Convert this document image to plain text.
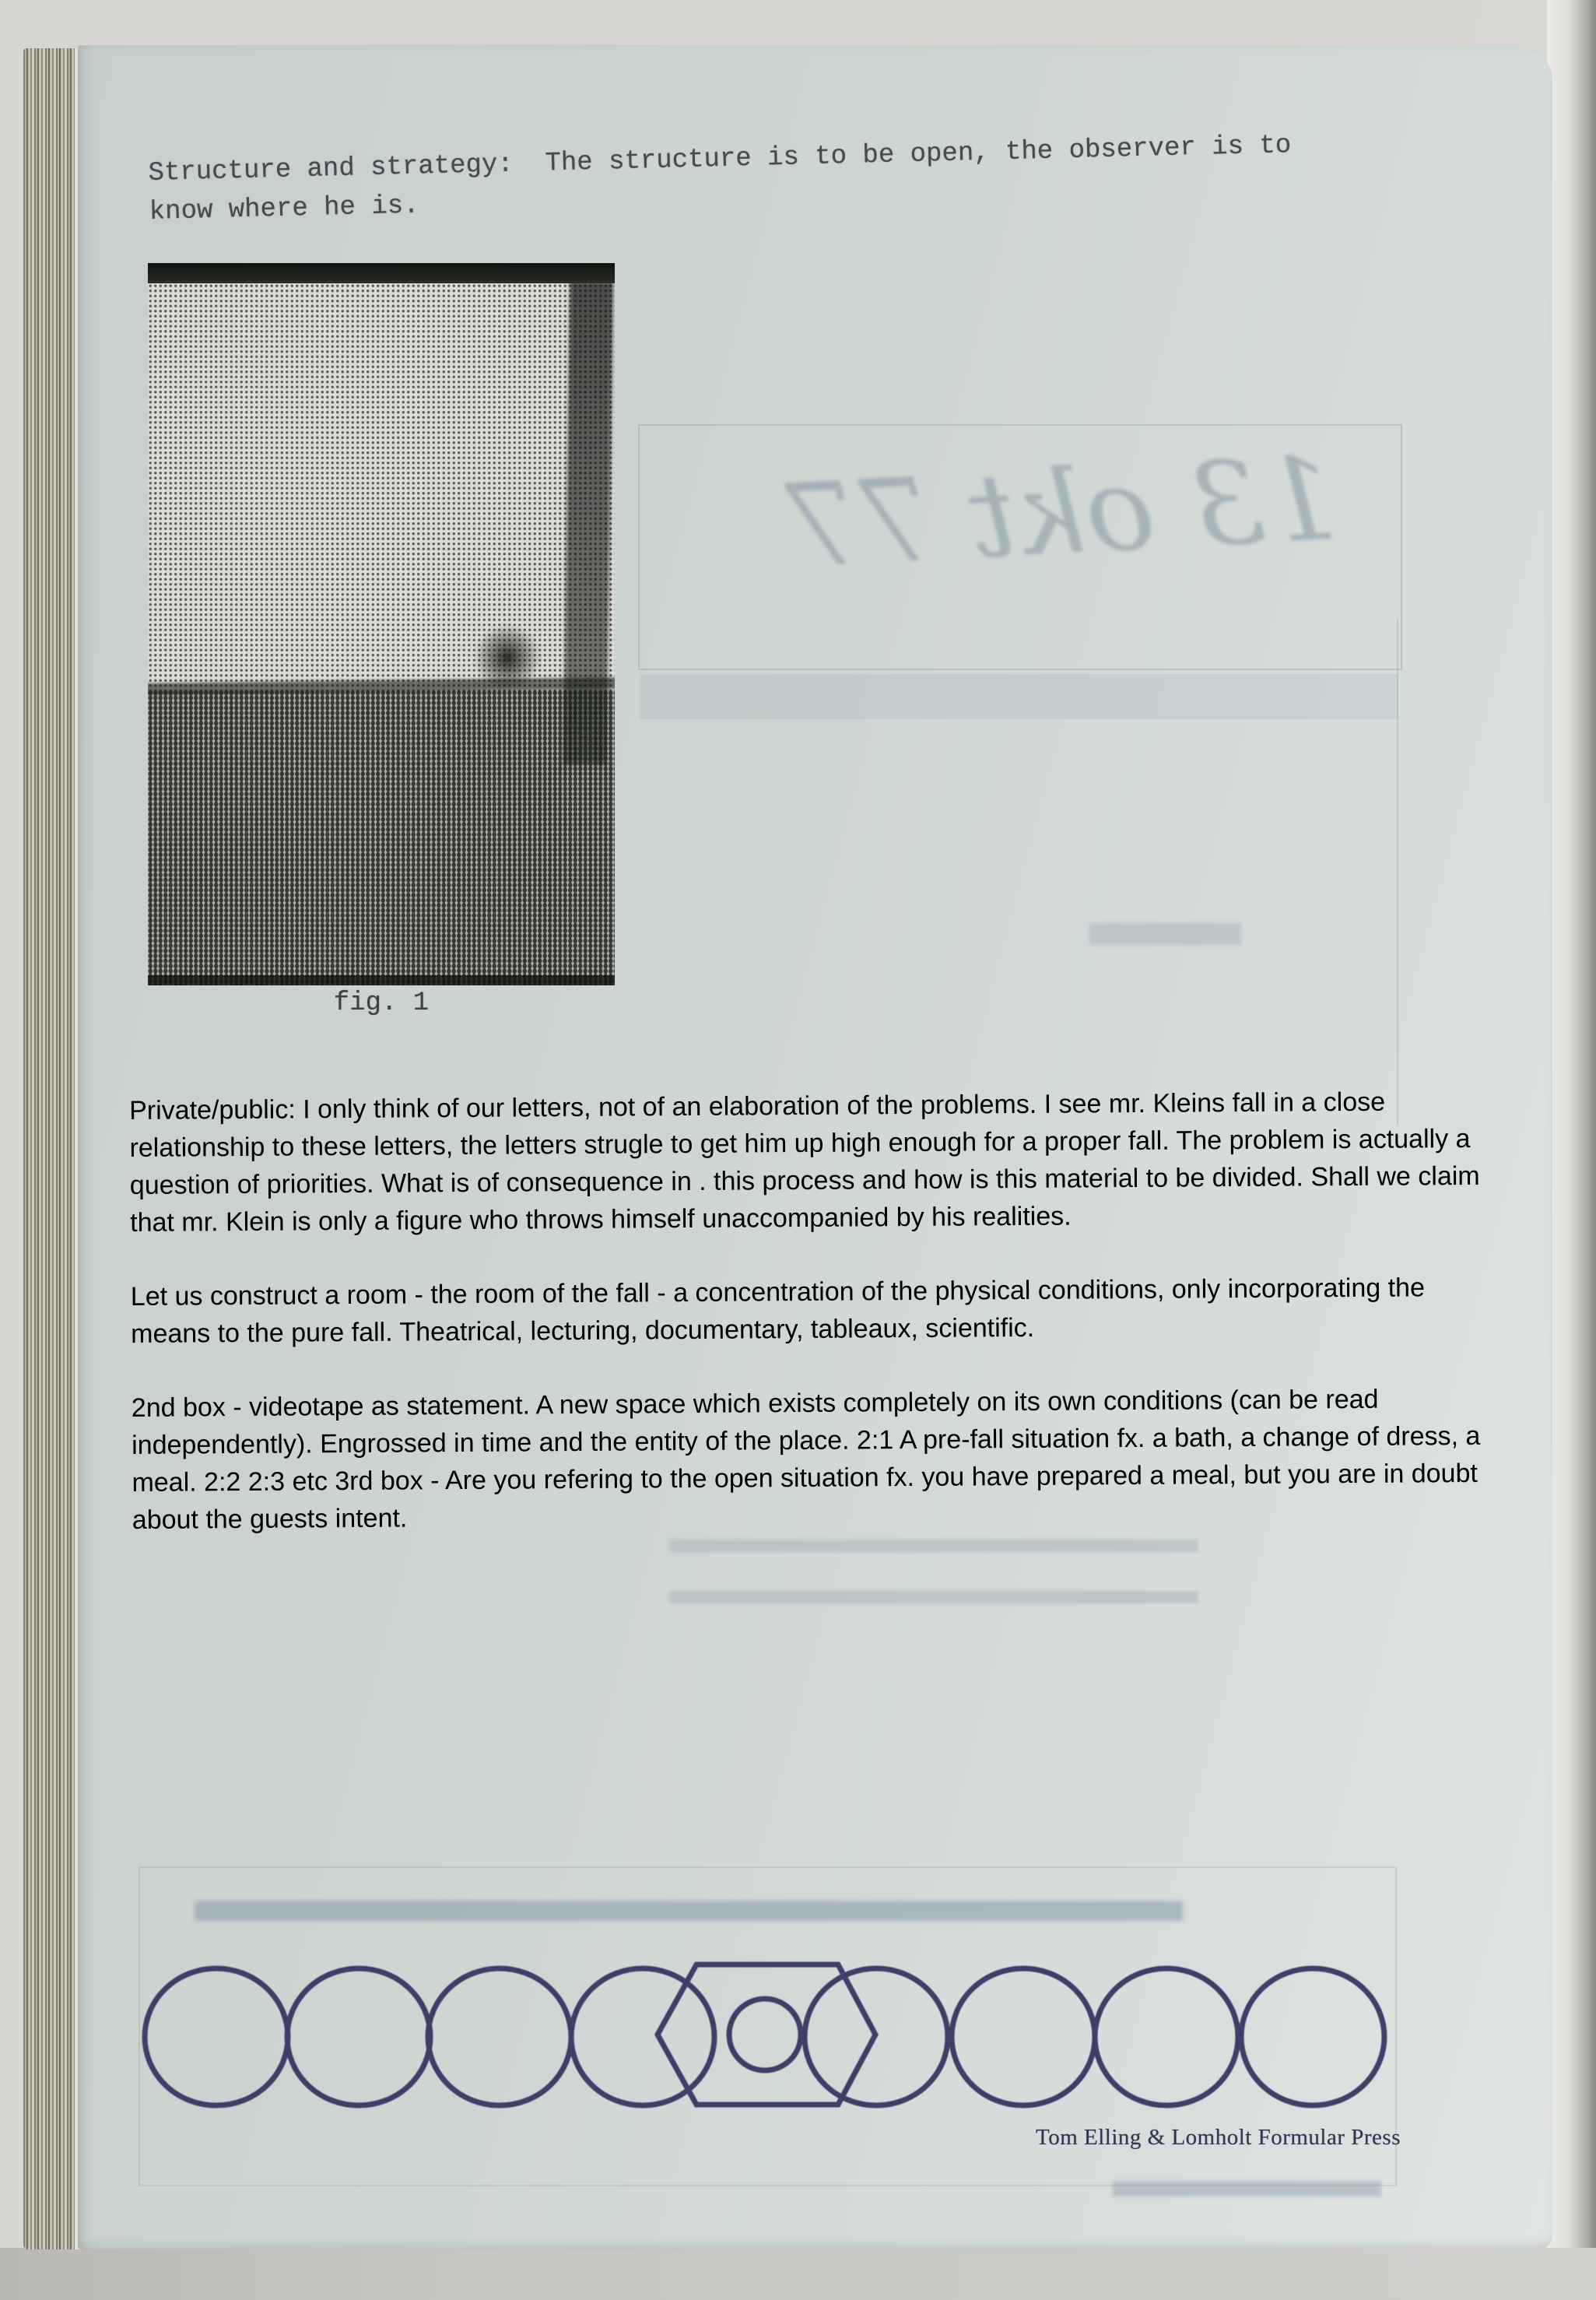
13 okt 77
Structure and strategy:  The structure is to be open, the observer is to
know where he is.
fig. 1
Private/public: I only think of our letters, not of an elaboration of the problems. I see mr. Kleins fall in a close relationship to these letters, the letters strugle to get him up high enough for a proper fall. The problem is actually a question of priorities. What is of consequence in . this process and how is this material to be divided. Shall we claim that mr. Klein is only a figure who throws himself unaccompanied by his realities.
Let us construct a room - the room of the fall - a concentration of the physical conditions, only incorporating the means to the pure fall. Theatrical, lecturing, documentary, tableaux, scientific.
2nd box - videotape as statement. A new space which exists completely on its own conditions (can be read independently). Engrossed in time and the entity of the place. 2:1 A pre-fall situation fx. a bath, a change of dress, a meal. 2:2 2:3 etc 3rd box - Are you refering to the open situation fx. you have prepared a meal, but you are in doubt about the guests intent.
Tom Elling & Lomholt Formular Press
